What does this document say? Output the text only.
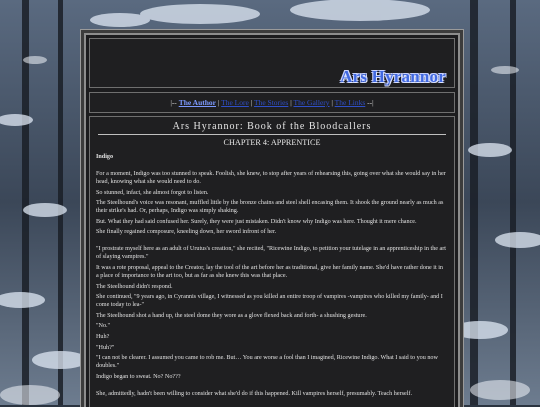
Ars Hyrannor
|-- The Author | The Lore | The Stories | The Gallery | The Links --|
Ars Hyrannor: Book of the Bloodcallers
CHAPTER 4: APPRENTICE

Indigo

For a moment, Indigo was too stunned to speak. Foolish, she knew, to stop after years of rehearsing this, going over what she would say in her head, knowing what she would need to do.

So stunned, infact, she almost forgot to listen.

The Steelhound's voice was resonant, muffled little by the bronze chains and steel shell encasing them. It shook the ground nearly as much as their strike's had. Or, perhaps, Indigo was simply shaking.

But. What they had said confused her. Surely, they were just mistaken. Didn't know why Indigo was here. Thought it mere chance.

She finally regained composure, kneeling down, her sword infront of her.

"I prostrate myself here as an adult of Urutus's creation," she recited, "Ricewine Indigo, to petition your tutelage in an apprenticeship in the art of slaying vampires."

It was a rote proposal, appeal to the Creator, lay the tool of the art before her as traditional, give her family name. She'd have rather done it in a place of importance to the art too, but as far as she knew this was that place.

The Steelhound didn't respond.

She continued, "9 years ago, in Cyrannis village, I witnessed as you killed an entire troop of vampires -vampires who killed my family- and I come today to lea-"

The Steelhound shot a hand up, the steel dome they wore as a glove flexed back and forth- a shushing gesture.

"No."

Huh?

"Huh?"

"I can not be clearer. I assumed you came to rob me. But… You are worse a fool than I imagined, Ricewine Indigo. What I said to you now doubles."

Indigo began to sweat. No? No???

She, admittedly, hadn't been willing to consider what she'd do if this happened. Kill vampires herself, presumably. Teach herself.
